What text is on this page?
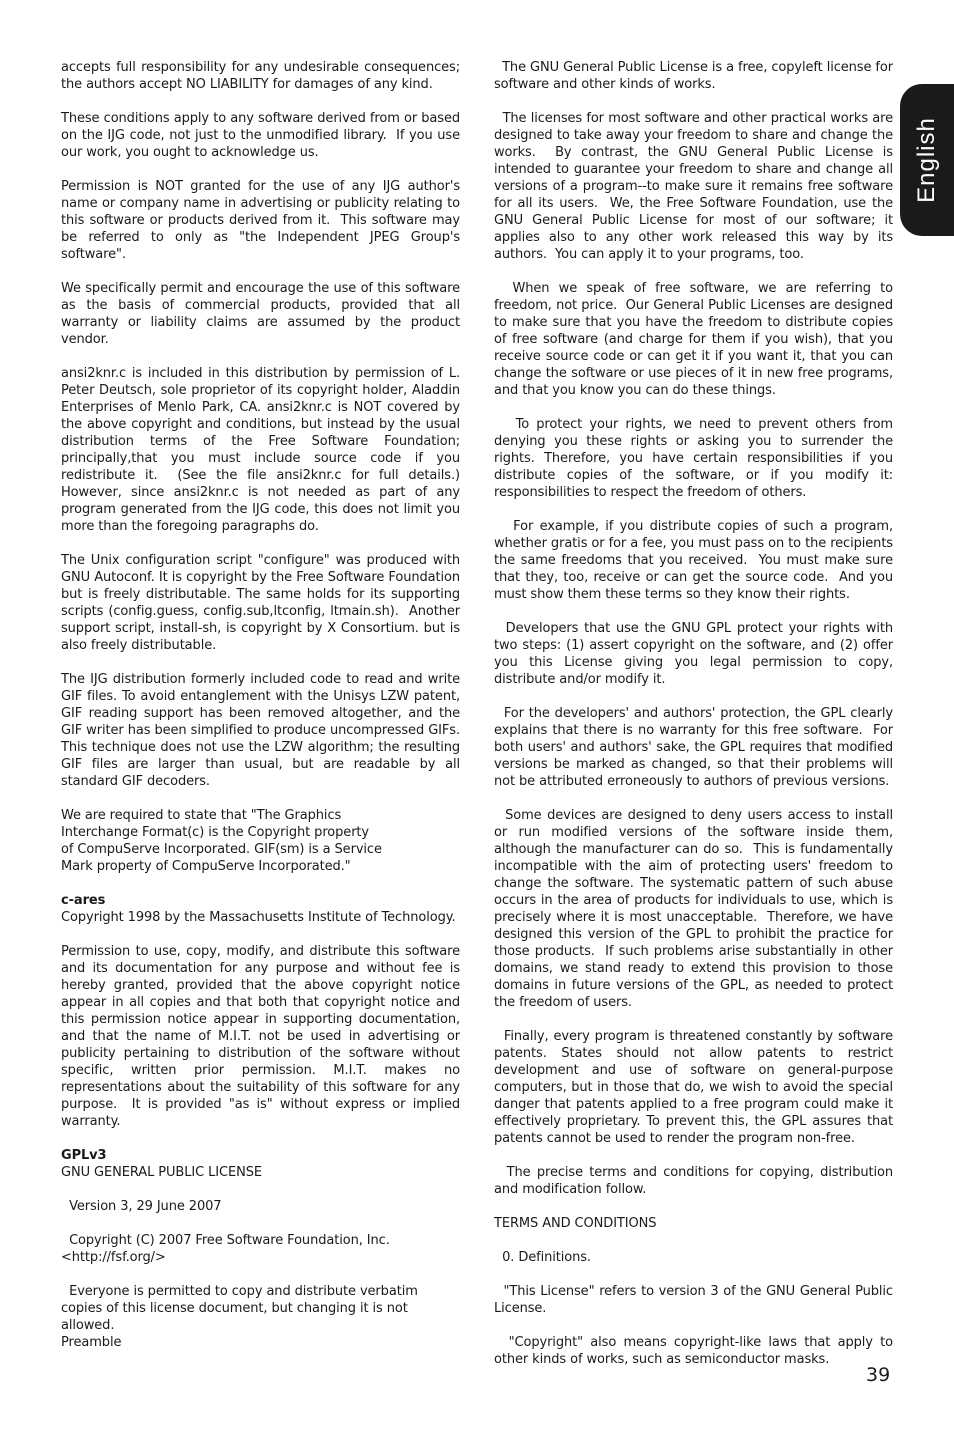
accepts full responsibility for any undesirable consequences; the authors accept NO LIABILITY for damages of any kind.

These conditions apply to any software derived from or based on the IJG code, not just to the unmodified library.  If you use our work, you ought to acknowledge us.

Permission is NOT granted for the use of any IJG author's name or company name in advertising or publicity relating to this software or products derived from it.  This software may be referred to only as "the Independent JPEG Group's software".

We specifically permit and encourage the use of this software as the basis of commercial products, provided that all warranty or liability claims are assumed by the product vendor.

ansi2knr.c is included in this distribution by permission of L. Peter Deutsch, sole proprietor of its copyright holder, Aladdin Enterprises of Menlo Park, CA. ansi2knr.c is NOT covered by the above copyright and conditions, but instead by the usual distribution terms of the Free Software Foundation; principally,that you must include source code if you redistribute it.  (See the file ansi2knr.c for full details.)  However, since ansi2knr.c is not needed as part of any program generated from the IJG code, this does not limit you more than the foregoing paragraphs do.

The Unix configuration script "configure" was produced with GNU Autoconf. It is copyright by the Free Software Foundation but is freely distributable. The same holds for its supporting scripts (config.guess, config.sub,ltconfig, ltmain.sh).  Another support script, install-sh, is copyright by X Consortium. but is also freely distributable.

The IJG distribution formerly included code to read and write GIF files. To avoid entanglement with the Unisys LZW patent, GIF reading support has been removed altogether, and the GIF writer has been simplified to produce uncompressed GIFs.  This technique does not use the LZW algorithm; the resulting GIF files are larger than usual, but are readable by all standard GIF decoders.

We are required to state that "The Graphics
Interchange Format(c) is the Copyright property
of CompuServe Incorporated. GIF(sm) is a Service
Mark property of CompuServe Incorporated."

c-ares

Copyright 1998 by the Massachusetts Institute of Technology.

Permission to use, copy, modify, and distribute this software and its documentation for any purpose and without fee is hereby granted, provided that the above copyright notice appear in all copies and that both that copyright notice and this permission notice appear in supporting documentation, and that the name of M.I.T. not be used in advertising or publicity pertaining to distribution of the software without specific, written prior permission. M.I.T. makes no representations about the suitability of this software for any purpose.  It is provided "as is" without express or implied warranty.

GPLv3

GNU GENERAL PUBLIC LICENSE

Version 3, 29 June 2007

Copyright (C) 2007 Free Software Foundation, Inc. <http://fsf.org/>

Everyone is permitted to copy and distribute verbatim copies of this license document, but changing it is not allowed.
Preamble

The GNU General Public License is a free, copyleft license for software and other kinds of works.

The licenses for most software and other practical works are designed to take away your freedom to share and change the works.  By contrast, the GNU General Public License is intended to guarantee your freedom to share and change all versions of a program--to make sure it remains free software for all its users.  We, the Free Software Foundation, use the GNU General Public License for most of our software; it applies also to any other work released this way by its authors.  You can apply it to your programs, too.

When we speak of free software, we are referring to freedom, not price.  Our General Public Licenses are designed to make sure that you have the freedom to distribute copies of free software (and charge for them if you wish), that you receive source code or can get it if you want it, that you can change the software or use pieces of it in new free programs, and that you know you can do these things.

To protect your rights, we need to prevent others from denying you these rights or asking you to surrender the rights. Therefore, you have certain responsibilities if you distribute copies of the software, or if you modify it: responsibilities to respect the freedom of others.

For example, if you distribute copies of such a program, whether gratis or for a fee, you must pass on to the recipients the same freedoms that you received.  You must make sure that they, too, receive or can get the source code.  And you must show them these terms so they know their rights.

Developers that use the GNU GPL protect your rights with two steps: (1) assert copyright on the software, and (2) offer you this License giving you legal permission to copy, distribute and/or modify it.

For the developers' and authors' protection, the GPL clearly explains that there is no warranty for this free software.  For both users' and authors' sake, the GPL requires that modified versions be marked as changed, so that their problems will not be attributed erroneously to authors of previous versions.

Some devices are designed to deny users access to install or run modified versions of the software inside them, although the manufacturer can do so.  This is fundamentally incompatible with the aim of protecting users' freedom to change the software. The systematic pattern of such abuse occurs in the area of products for individuals to use, which is precisely where it is most unacceptable.  Therefore, we have designed this version of the GPL to prohibit the practice for those products.  If such problems arise substantially in other domains, we stand ready to extend this provision to those domains in future versions of the GPL, as needed to protect the freedom of users.

Finally, every program is threatened constantly by software patents. States should not allow patents to restrict development and use of software on general-purpose computers, but in those that do, we wish to avoid the special danger that patents applied to a free program could make it effectively proprietary. To prevent this, the GPL assures that patents cannot be used to render the program non-free.

The precise terms and conditions for copying, distribution and modification follow.

TERMS AND CONDITIONS

0. Definitions.

"This License" refers to version 3 of the GNU General Public License.

"Copyright" also means copyright-like laws that apply to other kinds of works, such as semiconductor masks.

English
39
